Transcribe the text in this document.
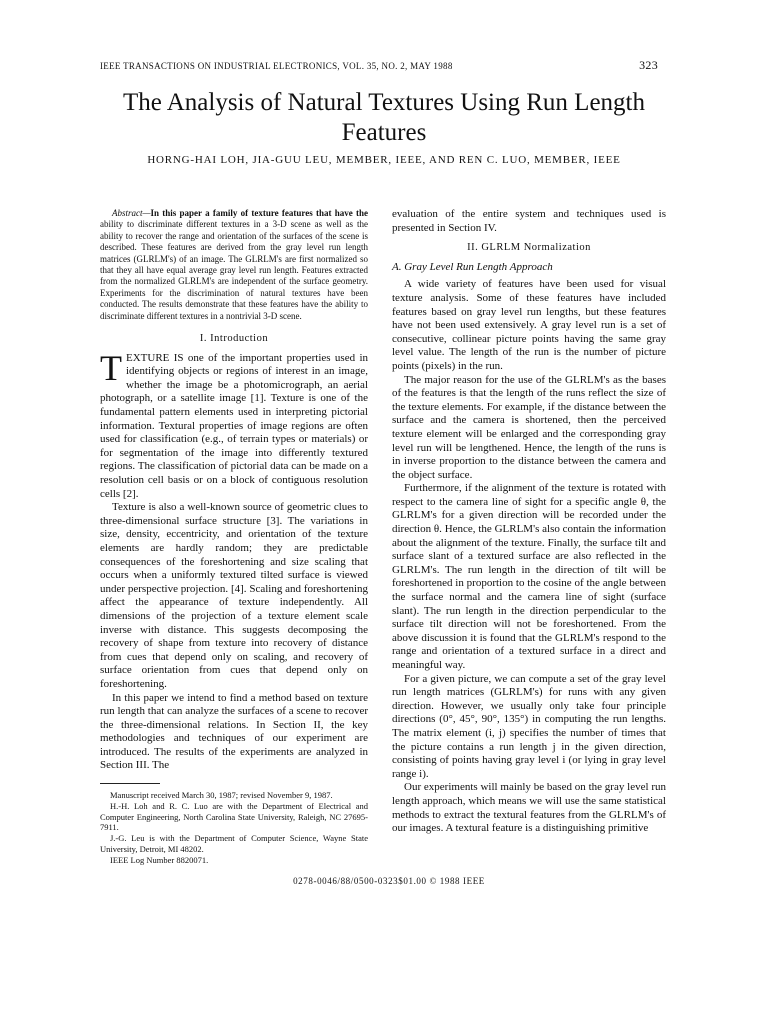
IEEE TRANSACTIONS ON INDUSTRIAL ELECTRONICS, VOL. 35, NO. 2, MAY 1988	323
The Analysis of Natural Textures Using Run Length Features
HORNG-HAI LOH, JIA-GUU LEU, MEMBER, IEEE, AND REN C. LUO, MEMBER, IEEE

Abstract—In this paper a family of texture features that have the ability to discriminate different textures in a 3-D scene as well as the ability to recover the range and orientation of the surfaces of the scene is described. These features are derived from the gray level run length matrices (GLRLM's) of an image. The GLRLM's are first normalized so that they all have equal average gray level run length. Features extracted from the normalized GLRLM's are independent of the surface geometry. Experiments for the discrimination of natural textures have been conducted. The results demonstrate that these features have the ability to discriminate different textures in a nontrivial 3-D scene.

I. Introduction

TEXTURE IS one of the important properties used in identifying objects or regions of interest in an image, whether the image be a photomicrograph, an aerial photograph, or a satellite image [1]. Texture is one of the fundamental pattern elements used in interpreting pictorial information. Textural properties of image regions are often used for classification (e.g., of terrain types or materials) or for segmentation of the image into differently textured regions. The classification of pictorial data can be made on a resolution cell basis or on a block of contiguous resolution cells [2].

Texture is also a well-known source of geometric clues to three-dimensional surface structure [3]. The variations in size, density, eccentricity, and orientation of the texture elements are hardly random; they are predictable consequences of the foreshortening and size scaling that occurs when a uniformly textured tilted surface is viewed under perspective projection. [4]. Scaling and foreshortening affect the appearance of texture independently. All dimensions of the projection of a texture element scale inverse with distance. This suggests decomposing the recovery of shape from texture into recovery of distance from cues that depend only on scaling, and recovery of surface orientation from cues that depend only on foreshortening.

In this paper we intend to find a method based on texture run length that can analyze the surfaces of a scene to recover the three-dimensional relations. In Section II, the key methodologies and techniques of our experiment are introduced. The results of the experiments are analyzed in Section III. The

Manuscript received March 30, 1987; revised November 9, 1987.

H.-H. Loh and R. C. Luo are with the Department of Electrical and Computer Engineering, North Carolina State University, Raleigh, NC 27695-7911.

J.-G. Leu is with the Department of Computer Science, Wayne State University, Detroit, MI 48202.

IEEE Log Number 8820071.

evaluation of the entire system and techniques used is presented in Section IV.

II. GLRLM Normalization
A. Gray Level Run Length Approach

A wide variety of features have been used for visual texture analysis. Some of these features have included features based on gray level run lengths, but these features have not been used extensively. A gray level run is a set of consecutive, collinear picture points having the same gray level value. The length of the run is the number of picture points (pixels) in the run.

The major reason for the use of the GLRLM's as the bases of the features is that the length of the runs reflect the size of the texture elements. For example, if the distance between the surface and the camera is shortened, then the perceived texture element will be enlarged and the corresponding gray level run will be lengthened. Hence, the length of the runs is in inverse proportion to the distance between the camera and the object surface.

Furthermore, if the alignment of the texture is rotated with respect to the camera line of sight for a specific angle θ, the GLRLM's for a given direction will be recorded under the direction θ. Hence, the GLRLM's also contain the information about the alignment of the texture. Finally, the surface tilt and surface slant of a textured surface are also reflected in the GLRLM's. The run length in the direction of tilt will be foreshortened in proportion to the cosine of the angle between the surface normal and the camera line of sight (surface slant). The run length in the direction perpendicular to the surface tilt direction will not be foreshortened. From the above discussion it is found that the GLRLM's respond to the range and orientation of a textured surface in a direct and meaningful way.

For a given picture, we can compute a set of the gray level run length matrices (GLRLM's) for runs with any given direction. However, we usually only take four principle directions (0°, 45°, 90°, 135°) in computing the run lengths. The matrix element (i, j) specifies the number of times that the picture contains a run length j in the given direction, consisting of points having gray level i (or lying in gray level range i).

Our experiments will mainly be based on the gray level run length approach, which means we will use the same statistical methods to extract the textural features from the GLRLM's of our images. A textural feature is a distinguishing primitive

0278-0046/88/0500-0323$01.00 © 1988 IEEE
